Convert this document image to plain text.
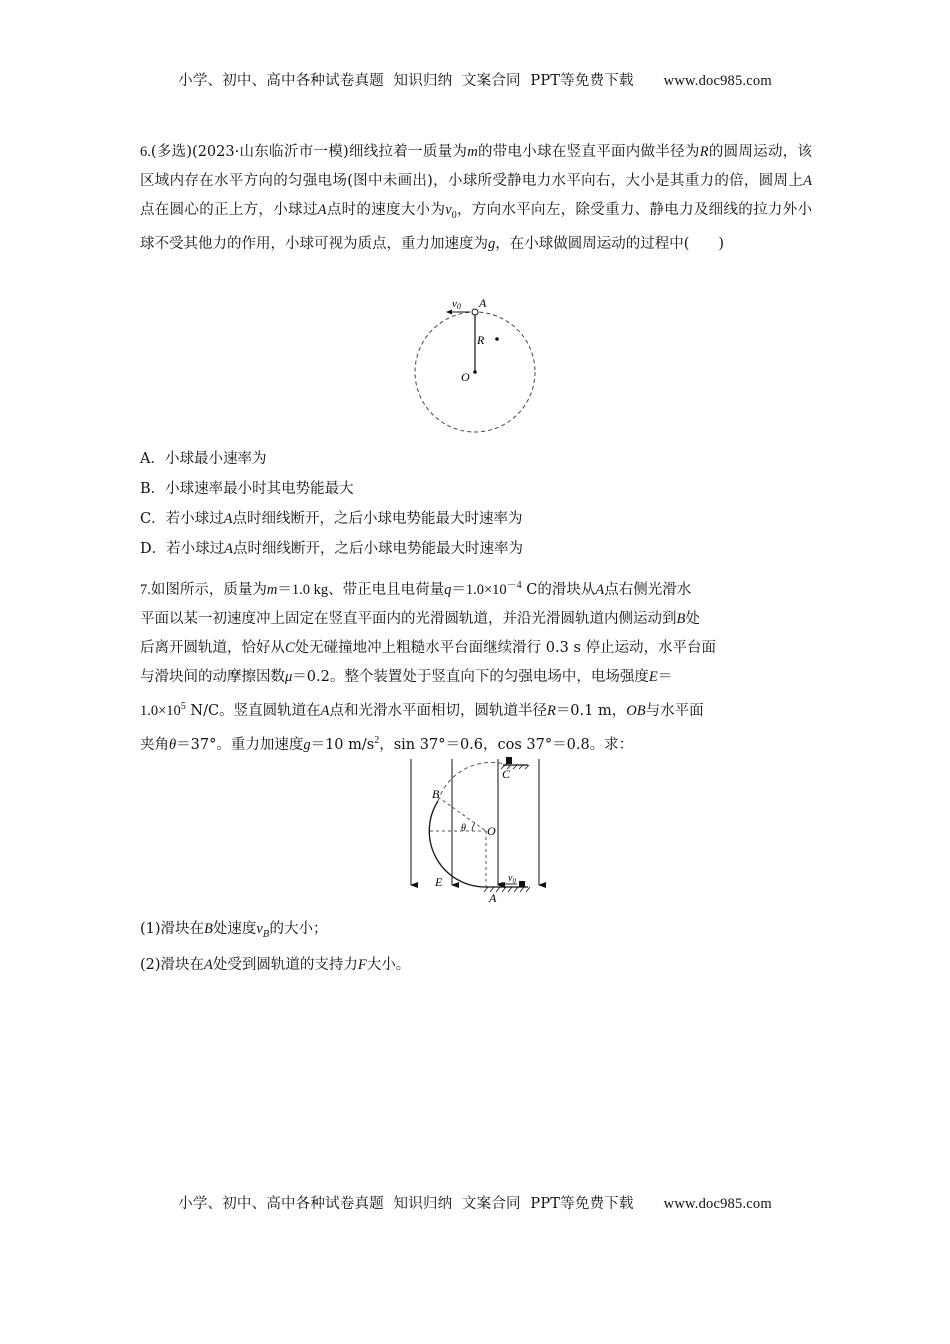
小学、初中、高中各种试卷真题  知识归纳  文案合同  PPT等免费下载 www.doc985.com

6.(多选)(2023·山东临沂市一模)细线拉着一质量为m的带电小球在竖直平面内做半径为R的圆周运动，该区域内存在水平方向的匀强电场(图中未画出)，小球所受静电力水平向右，大小是其重力的倍，圆周上A点在圆心的正上方，小球过A点时的速度大小为$v_0$，方向水平向左，除受重力、静电力及细线的拉力外小球不受其他力的作用，小球可视为质点，重力加速度为g，在小球做圆周运动的过程中(　　)

v0 A
R
O

A．小球最小速率为

B．小球速率最小时其电势能最大

C．若小球过A点时细线断开，之后小球电势能最大时速率为

D．若小球过A点时细线断开，之后小球电势能最大时速率为

7.如图所示，质量为m＝1.0 kg、带正电且电荷量$q=1.0\times 10^{-4}$ C的滑块从A点右侧光滑水

平面以某一初速度冲上固定在竖直平面内的光滑圆轨道，并沿光滑圆轨道内侧运动到B处

后离开圆轨道，恰好从C处无碰撞地冲上粗糙水平台面继续滑行 0.3 s 停止运动，水平台面

与滑块间的动摩擦因数μ＝0.2。整个装置处于竖直向下的匀强电场中，电场强度E＝

$1.0\times 10^5$ N/C。竖直圆轨道在A点和光滑水平面相切，圆轨道半径R＝0.1 m，OB与水平面

夹角θ＝37°。重力加速度g＝10 $m/s^2$，sin 37°＝0.6，cos 37°＝0.8。求：

C
B
O
θ
E
A
$v_0$

(1)滑块在B处速度$v_B$的大小；

(2)滑块在A处受到圆轨道的支持力F大小。

小学、初中、高中各种试卷真题  知识归纳  文案合同  PPT等免费下载 www.doc985.com
